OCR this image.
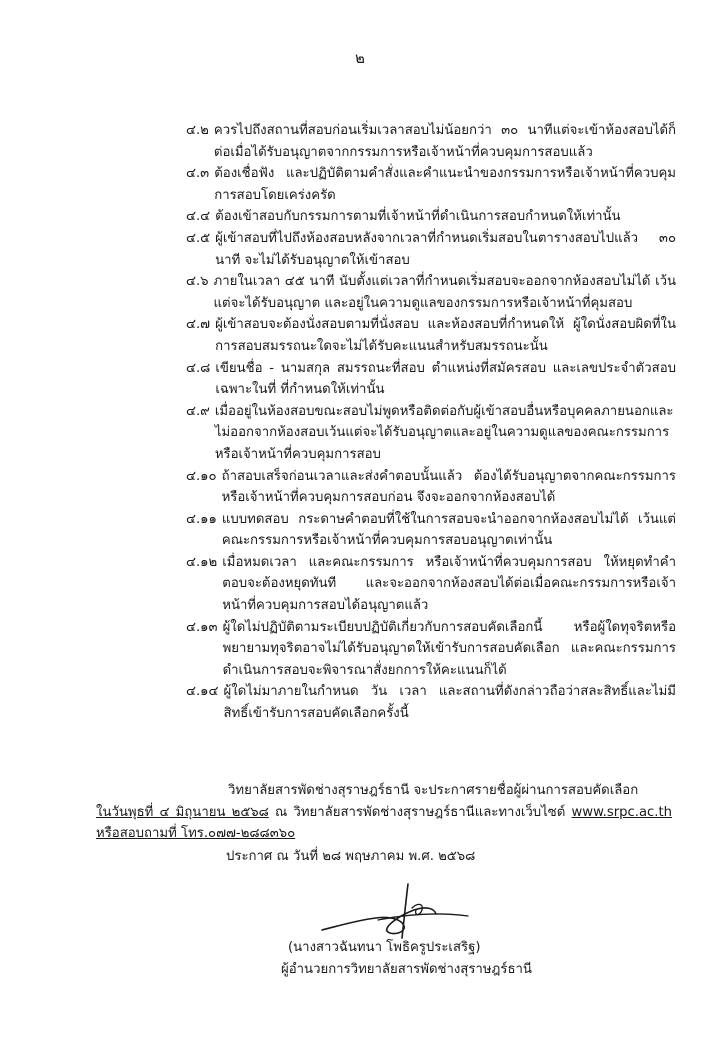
๒
๔.๒ ควรไปถึงสถานที่สอบก่อนเริ่มเวลาสอบไม่น้อยกว่า ๓๐ นาทีแต่จะเข้าห้องสอบได้ก็ต่อเมื่อได้รับอนุญาตจากกรรมการหรือเจ้าหน้าที่ควบคุมการสอบแล้ว
๔.๓ ต้องเชื่อฟัง และปฏิบัติตามคำสั่งและคำแนะนำของกรรมการหรือเจ้าหน้าที่ควบคุมการสอบโดยเคร่งครัด
๔.๔ ต้องเข้าสอบกับกรรมการตามที่เจ้าหน้าที่ดำเนินการสอบกำหนดให้เท่านั้น
๔.๕ ผู้เข้าสอบที่ไปถึงห้องสอบหลังจากเวลาที่กำหนดเริ่มสอบในตารางสอบไปแล้ว ๓๐ นาที จะไม่ได้รับอนุญาตให้เข้าสอบ
๔.๖ ภายในเวลา ๔๕ นาที นับตั้งแต่เวลาที่กำหนดเริ่มสอบจะออกจากห้องสอบไม่ได้ เว้นแต่จะได้รับอนุญาต และอยู่ในความดูแลของกรรมการหรือเจ้าหน้าที่คุมสอบ
๔.๗ ผู้เข้าสอบจะต้องนั่งสอบตามที่นั่งสอบ และห้องสอบที่กำหนดให้ ผู้ใดนั่งสอบผิดที่ในการสอบสมรรถนะใดจะไม่ได้รับคะแนนสำหรับสมรรถนะนั้น
๔.๘ เขียนชื่อ - นามสกุล สมรรถนะที่สอบ ตำแหน่งที่สมัครสอบ และเลขประจำตัวสอบเฉพาะในที่ ที่กำหนดให้เท่านั้น
๔.๙ เมื่ออยู่ในห้องสอบขณะสอบไม่พูดหรือติดต่อกับผู้เข้าสอบอื่นหรือบุคคลภายนอกและไม่ออกจากห้องสอบเว้นแต่จะได้รับอนุญาตและอยู่ในความดูแลของคณะกรรมการ หรือเจ้าหน้าที่ควบคุมการสอบ
๔.๑๐ ถ้าสอบเสร็จก่อนเวลาและส่งคำตอบนั้นแล้ว ต้องได้รับอนุญาตจากคณะกรรมการหรือเจ้าหน้าที่ควบคุมการสอบก่อน จึงจะออกจากห้องสอบได้
๔.๑๑ แบบทดสอบ กระดาษคำตอบที่ใช้ในการสอบจะนำออกจากห้องสอบไม่ได้ เว้นแต่คณะกรรมการหรือเจ้าหน้าที่ควบคุมการสอบอนุญาตเท่านั้น
๔.๑๒ เมื่อหมดเวลา และคณะกรรมการ หรือเจ้าหน้าที่ควบคุมการสอบ ให้หยุดทำคำตอบจะต้องหยุดทันที และจะออกจากห้องสอบได้ต่อเมื่อคณะกรรมการหรือเจ้าหน้าที่ควบคุมการสอบได้อนุญาตแล้ว
๔.๑๓ ผู้ใดไม่ปฏิบัติตามระเบียบปฏิบัติเกี่ยวกับการสอบคัดเลือกนี้ หรือผู้ใดทุจริตหรือพยายามทุจริตอาจไม่ได้รับอนุญาตให้เข้ารับการสอบคัดเลือก และคณะกรรมการดำเนินการสอบจะพิจารณาสั่งยกการให้คะแนนก็ได้
๔.๑๔ ผู้ใดไม่มาภายในกำหนด วัน เวลา และสถานที่ดังกล่าวถือว่าสละสิทธิ์และไม่มีสิทธิ์เข้ารับการสอบคัดเลือกครั้งนี้
วิทยาลัยสารพัดช่างสุราษฎร์ธานี จะประกาศรายชื่อผู้ผ่านการสอบคัดเลือก
ในวันพุธที่ ๔ มิถุนายน ๒๕๖๘ ณ วิทยาลัยสารพัดช่างสุราษฎร์ธานีและทางเว็บไซต์ www.srpc.ac.th หรือสอบถามที่ โทร.๐๗๗-๒๘๘๓๖๐
ประกาศ ณ วันที่ ๒๘ พฤษภาคม พ.ศ. ๒๕๖๘
(นางสาวฉันทนา โพธิครูประเสริฐ)
ผู้อำนวยการวิทยาลัยสารพัดช่างสุราษฎร์ธานี
